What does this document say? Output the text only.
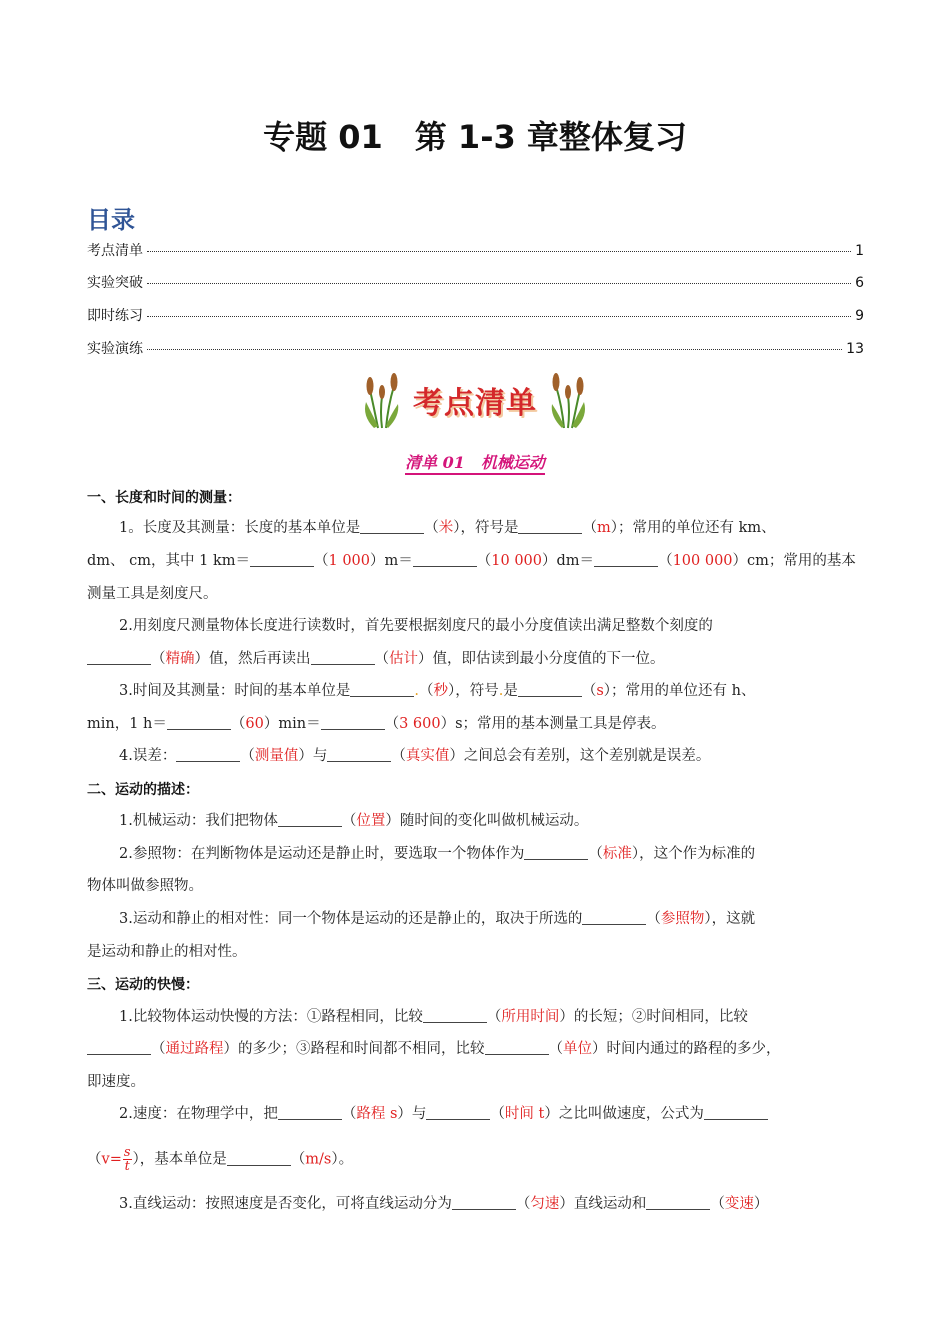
专题 01　第 1-3 章整体复习
目录
考点清单	1
实验突破	6
即时练习	9
实验演练	13
考点清单
清单 01　机械运动
一、长度和时间的测量：
1。长度及其测量：长度的基本单位是	（米），符号是	（m）；常用的单位还有 km、
dm、 cm，其中 1 km＝	（1 000）m＝	（10 000）dm＝	（100 000）cm；常用的基本
测量工具是刻度尺。
2.用刻度尺测量物体长度进行读数时，首先要根据刻度尺的最小分度值读出满足整数个刻度的
（精确）值，然后再读出	（估计）值，即估读到最小分度值的下一位。
3.时间及其测量：时间的基本单位是	.（秒），符号.是	（s）；常用的单位还有 h、
min，1 h＝	（60）min＝	（3 600）s；常用的基本测量工具是停表。
4.误差：	（测量值）与	（真实值）之间总会有差别，这个差别就是误差。
二、运动的描述：
1.机械运动：我们把物体	（位置）随时间的变化叫做机械运动。
2.参照物：在判断物体是运动还是静止时，要选取一个物体作为	（标准），这个作为标准的
物体叫做参照物。
3.运动和静止的相对性：同一个物体是运动的还是静止的，取决于所选的	（参照物），这就
是运动和静止的相对性。
三、运动的快慢：
1.比较物体运动快慢的方法：①路程相同，比较	（所用时间）的长短；②时间相同，比较
（通过路程）的多少；③路程和时间都不相同，比较	（单位）时间内通过的路程的多少，
即速度。
2.速度：在物理学中，把	（路程 s）与	（时间 t）之比叫做速度，公式为
（$v= \frac{s}{t}$ ），基本单位是	（m/s）。
3.直线运动：按照速度是否变化，可将直线运动分为	（匀速）直线运动和	（变速）
